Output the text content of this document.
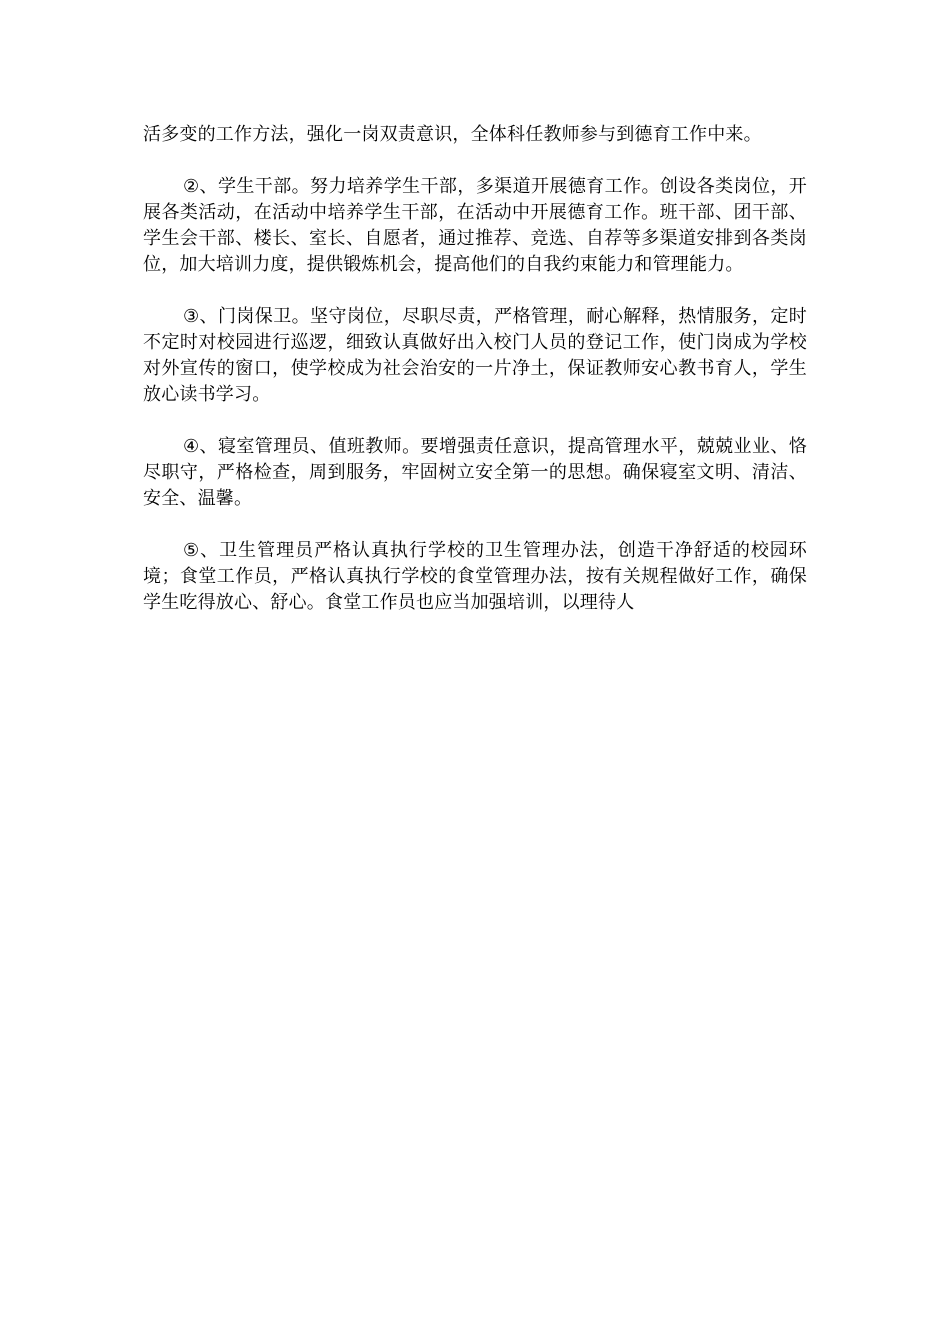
活多变的工作方法，强化一岗双责意识，全体科任教师参与到德育工作中来。

②、学生干部。努力培养学生干部，多渠道开展德育工作。创设各类岗位，开展各类活动，在活动中培养学生干部，在活动中开展德育工作。班干部、团干部、学生会干部、楼长、室长、自愿者，通过推荐、竞选、自荐等多渠道安排到各类岗位，加大培训力度，提供锻炼机会，提高他们的自我约束能力和管理能力。

③、门岗保卫。坚守岗位，尽职尽责，严格管理，耐心解释，热情服务，定时不定时对校园进行巡逻，细致认真做好出入校门人员的登记工作，使门岗成为学校对外宣传的窗口，使学校成为社会治安的一片净土，保证教师安心教书育人，学生放心读书学习。

④、寝室管理员、值班教师。要增强责任意识，提高管理水平，兢兢业业、恪尽职守，严格检查，周到服务，牢固树立安全第一的思想。确保寝室文明、清洁、安全、温馨。

⑤、卫生管理员严格认真执行学校的卫生管理办法，创造干净舒适的校园环境；食堂工作员，严格认真执行学校的食堂管理办法，按有关规程做好工作，确保学生吃得放心、舒心。食堂工作员也应当加强培训，以理待人
